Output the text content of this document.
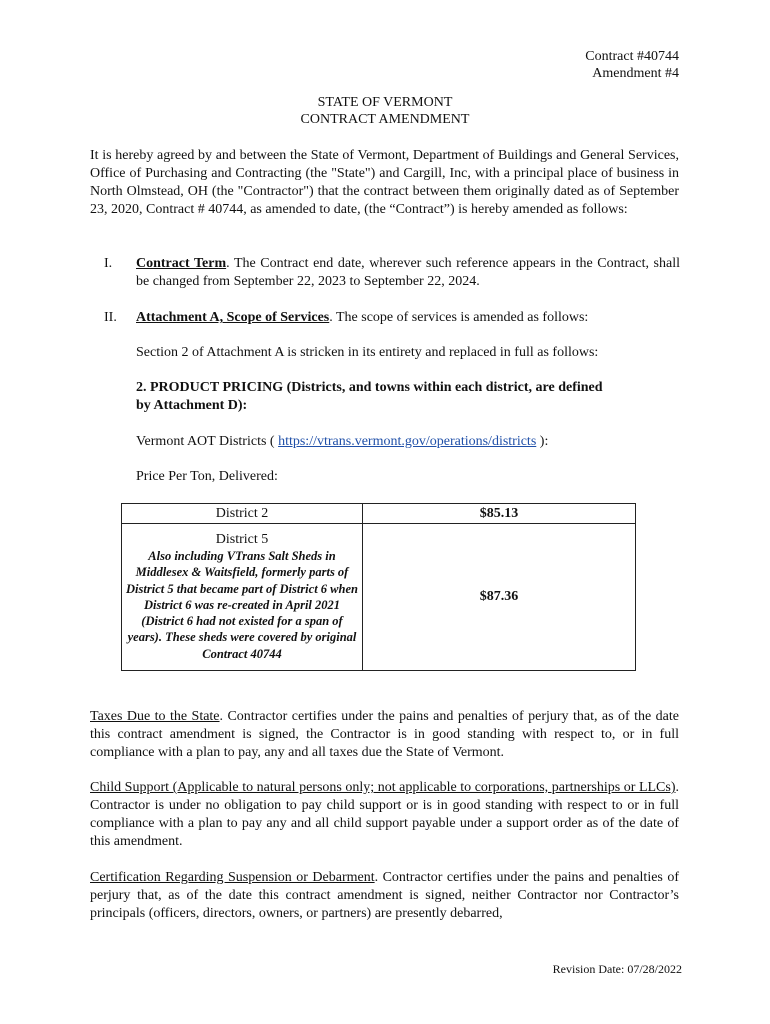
Contract #40744
Amendment #4
STATE OF VERMONT
CONTRACT AMENDMENT
It is hereby agreed by and between the State of Vermont, Department of Buildings and General Services, Office of Purchasing and Contracting (the "State") and Cargill, Inc, with a principal place of business in North Olmstead, OH (the "Contractor") that the contract between them originally dated as of September 23, 2020, Contract # 40744, as amended to date, (the “Contract”) is hereby amended as follows:
I. Contract Term. The Contract end date, wherever such reference appears in the Contract, shall be changed from September 22, 2023 to September 22, 2024.
II. Attachment A, Scope of Services. The scope of services is amended as follows:
Section 2 of Attachment A is stricken in its entirety and replaced in full as follows:
2. PRODUCT PRICING (Districts, and towns within each district, are defined by Attachment D):
Vermont AOT Districts ( https://vtrans.vermont.gov/operations/districts ):
Price Per Ton, Delivered:
District 2	$85.13

District 5
Also including VTrans Salt Sheds in Middlesex & Waitsfield, formerly parts of District 5 that became part of District 6 when District 6 was re-created in April 2021 (District 6 had not existed for a span of years). These sheds were covered by original Contract 40744	$87.36
Taxes Due to the State. Contractor certifies under the pains and penalties of perjury that, as of the date this contract amendment is signed, the Contractor is in good standing with respect to, or in full compliance with a plan to pay, any and all taxes due the State of Vermont.
Child Support (Applicable to natural persons only; not applicable to corporations, partnerships or LLCs). Contractor is under no obligation to pay child support or is in good standing with respect to or in full compliance with a plan to pay any and all child support payable under a support order as of the date of this amendment.
Certification Regarding Suspension or Debarment. Contractor certifies under the pains and penalties of perjury that, as of the date this contract amendment is signed, neither Contractor nor Contractor’s principals (officers, directors, owners, or partners) are presently debarred,
Revision Date: 07/28/2022
